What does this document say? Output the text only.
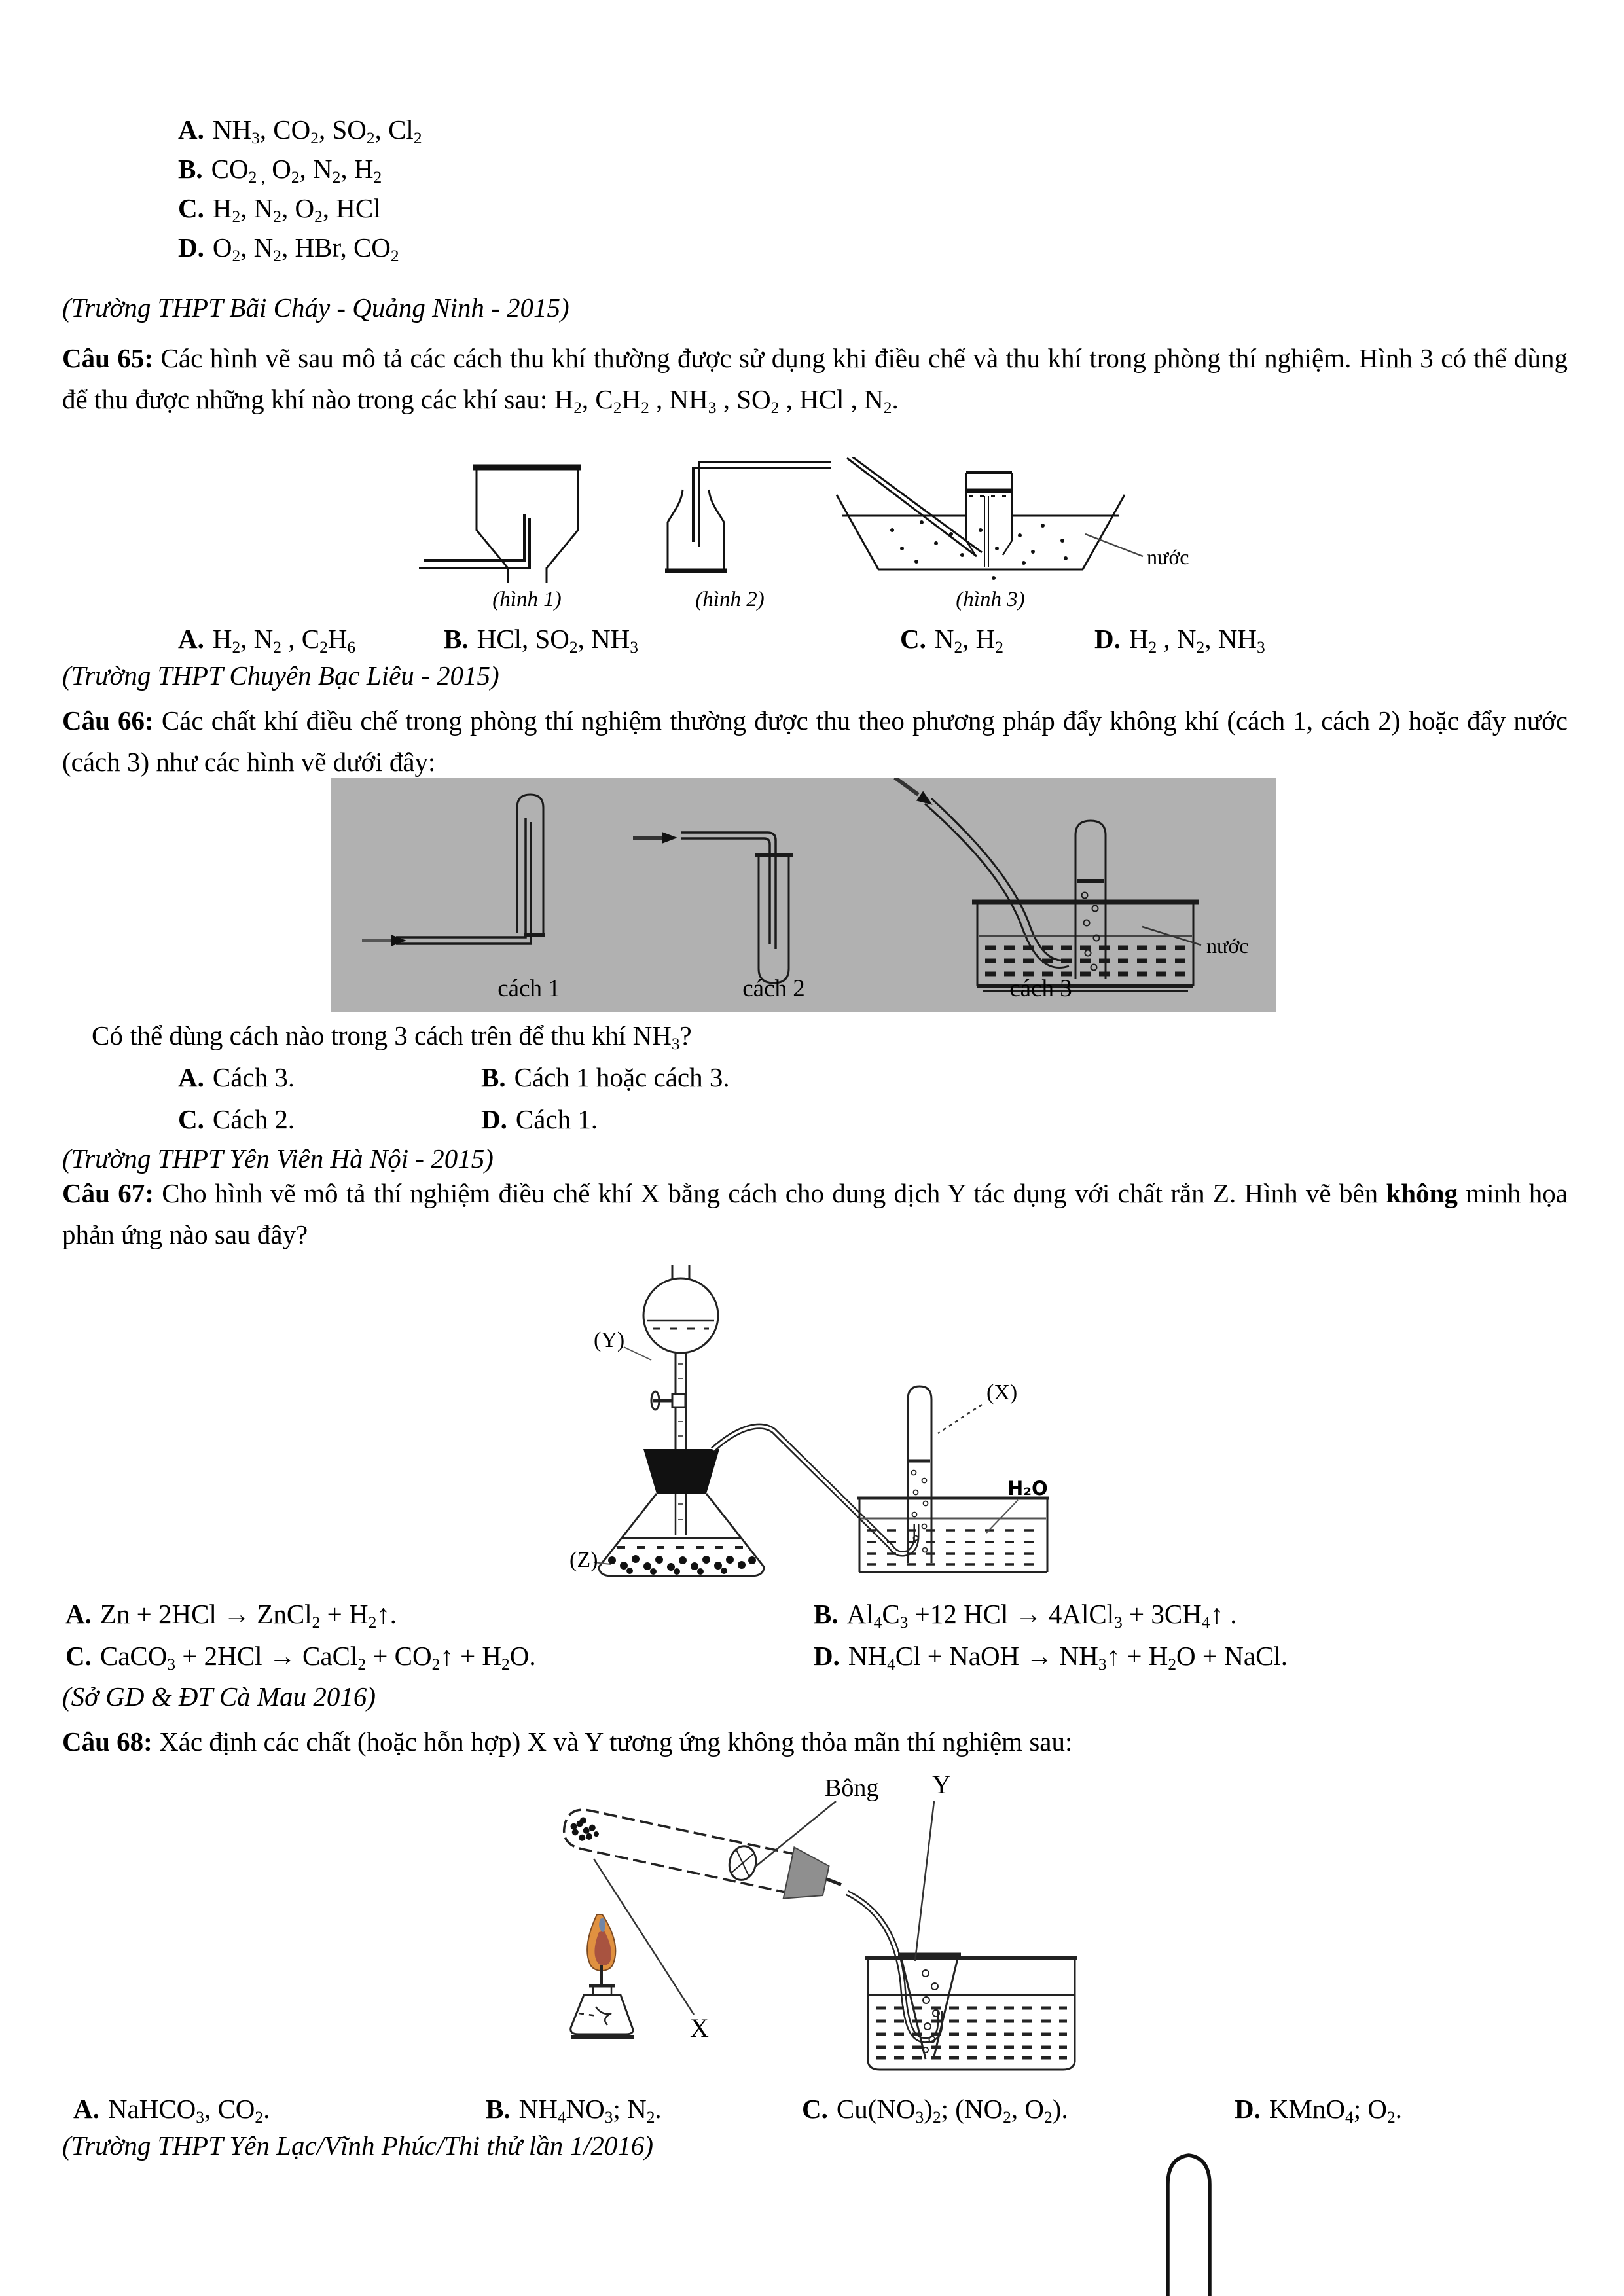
A. $NH_3$, $CO_2$, $SO_2$, $Cl_2$
B. $CO_{2 ,}$ $O_2$, $N_2$, $H_2$
C. $H_2$, $N_2$, $O_2$, HCl
D. $O_2$, $N_2$, HBr, $CO_2$
(Trường THPT Bãi Cháy - Quảng Ninh - 2015)
Câu 65: Các hình vẽ sau mô tả các cách thu khí thường được sử dụng khi điều chế và thu khí trong phòng thí nghiệm. Hình 3 có thể dùng để thu được những khí nào trong các khí sau: $H_2$, $C_2H_2$ , $NH_3$ , $SO_2$ , HCl , $N_2$.
(hình 1)	(hình 2)
nước
(hình 3)
A. $H_2$, $N_2$ , $C_2H_6$	B. HCl, $SO_2$, $NH_3$	C. $N_2$, $H_2$	D. $H_2$ , $N_2$, $NH_3$
(Trường THPT Chuyên Bạc Liêu - 2015)
Câu 66: Các chất khí điều chế trong phòng thí nghiệm thường được thu theo phương pháp đẩy không khí (cách 1, cách 2) hoặc đẩy nước (cách 3) như các hình vẽ dưới đây:
cách 1	cách 2
nước
cách 3
Có thể dùng cách nào trong 3 cách trên để thu khí $NH_3$?
A. Cách 3.	B. Cách 1 hoặc cách 3.
C. Cách 2.	D. Cách 1.
(Trường THPT Yên Viên Hà Nội - 2015)
Câu 67: Cho hình vẽ mô tả thí nghiệm điều chế khí X bằng cách cho dung dịch Y tác dụng với chất rắn Z. Hình vẽ bên không minh họa phản ứng nào sau đây?
(Y)
(Z)
(X)
H₂O
A. Zn + 2HCl → ZnCl$_2$ + $H_2↑$.	B. $Al_4C_3 +12$ HCl → 4AlCl$_3$ + $3CH_4↑$ .
C. CaCO$_3$ + 2HCl → CaCl$_2$ + $CO_2↑ + H_2O$.	D. $NH_4Cl$ + NaOH → $NH_3↑ + H_2O$ + NaCl.
(Sở GD & ĐT Cà Mau 2016)
Câu 68: Xác định các chất (hoặc hỗn hợp) X và Y tương ứng không thỏa mãn thí nghiệm sau:
Bông Y
X
A. NaHCO$_3$, $CO_2$.	B. $NH_4NO_3$; $N_2$.	C. $Cu(NO_3)_2$; ($NO_2$, $O_2$).	D. KMnO$_4$; $O_2$.
(Trường THPT Yên Lạc/Vĩnh Phúc/Thi thử lần 1/2016)
